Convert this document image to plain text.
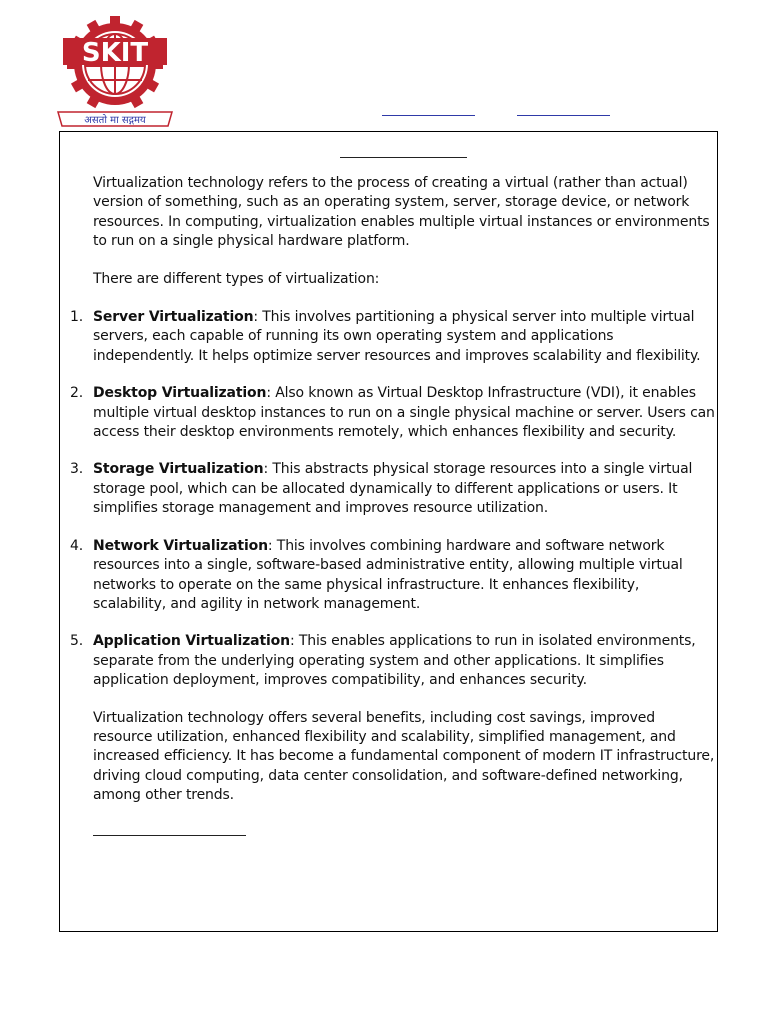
SKIT
असतो मा सद्गमय

Virtualization technology refers to the process of creating a virtual (rather than actual) version of something, such as an operating system, server, storage device, or network resources. In computing, virtualization enables multiple virtual instances or environments to run on a single physical hardware platform.

There are different types of virtualization:

1. Server Virtualization: This involves partitioning a physical server into multiple virtual servers, each capable of running its own operating system and applications independently. It helps optimize server resources and improves scalability and flexibility.
2. Desktop Virtualization: Also known as Virtual Desktop Infrastructure (VDI), it enables multiple virtual desktop instances to run on a single physical machine or server. Users can access their desktop environments remotely, which enhances flexibility and security.
3. Storage Virtualization: This abstracts physical storage resources into a single virtual storage pool, which can be allocated dynamically to different applications or users. It simplifies storage management and improves resource utilization.
4. Network Virtualization: This involves combining hardware and software network resources into a single, software-based administrative entity, allowing multiple virtual networks to operate on the same physical infrastructure. It enhances flexibility, scalability, and agility in network management.
5. Application Virtualization: This enables applications to run in isolated environments, separate from the underlying operating system and other applications. It simplifies application deployment, improves compatibility, and enhances security.

Virtualization technology offers several benefits, including cost savings, improved resource utilization, enhanced flexibility and scalability, simplified management, and increased efficiency. It has become a fundamental component of modern IT infrastructure, driving cloud computing, data center consolidation, and software-defined networking, among other trends.
